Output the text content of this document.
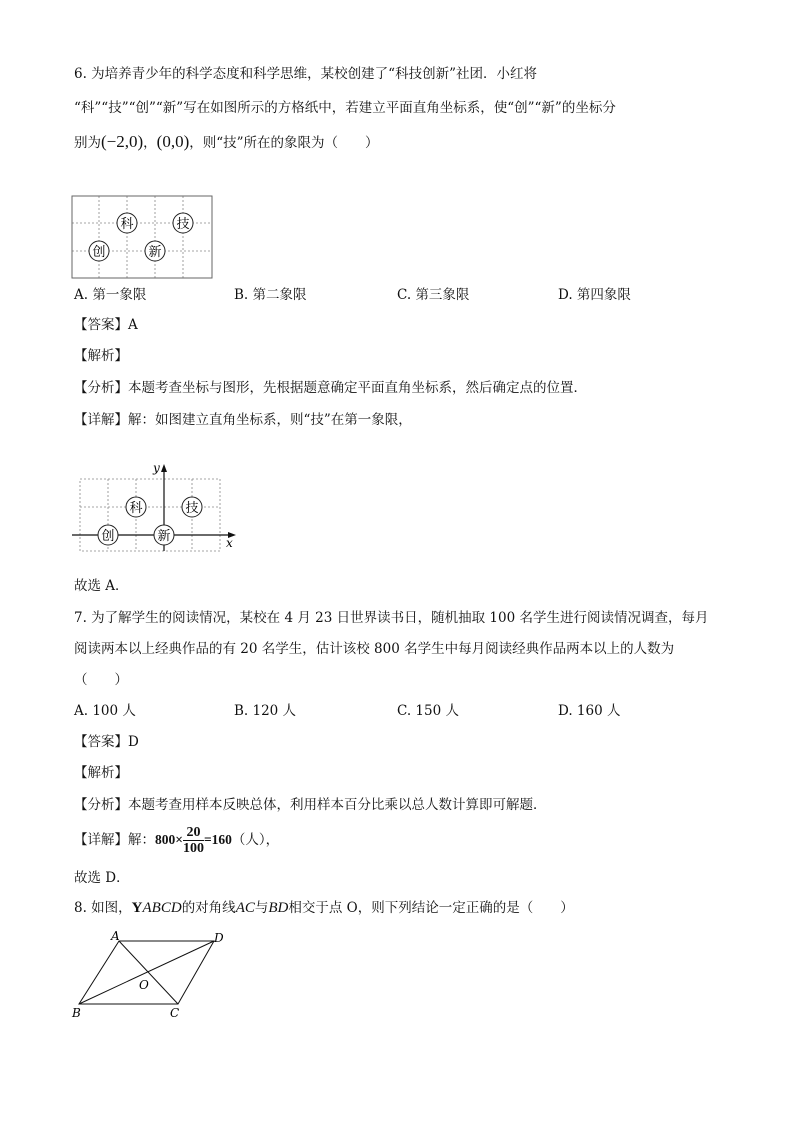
6. 为培养青少年的科学态度和科学思维，某校创建了“科技创新”社团．小红将
“科”“技”“创”“新”写在如图所示的方格纸中，若建立平面直角坐标系，使“创”“新”的坐标分
别为(−2,0)，(0,0)，则“技”所在的象限为（　　）
科	技
创	新
A. 第一象限	B. 第二象限	C. 第三象限	D. 第四象限
【答案】A
【解析】
【分析】本题考查坐标与图形，先根据题意确定平面直角坐标系，然后确定点的位置．
【详解】解：如图建立直角坐标系，则“技”在第一象限，
x
y
科	技
创	新
故选 A．
7. 为了解学生的阅读情况，某校在 4 月 23 日世界读书日，随机抽取 100 名学生进行阅读情况调查，每月
阅读两本以上经典作品的有 20 名学生，估计该校 800 名学生中每月阅读经典作品两本以上的人数为
（　　）
A. 100 人	B. 120 人	C. 150 人	D. 160 人
【答案】D
【解析】
【分析】本题考查用样本反映总体，利用样本百分比乘以总人数计算即可解题．
【详解】解：$800\times \frac{20}{100} =160$（人），
故选 D．
8. 如图，YABCD的对角线AC与BD相交于点 O，则下列结论一定正确的是（　　）
A	D
B	C
O
